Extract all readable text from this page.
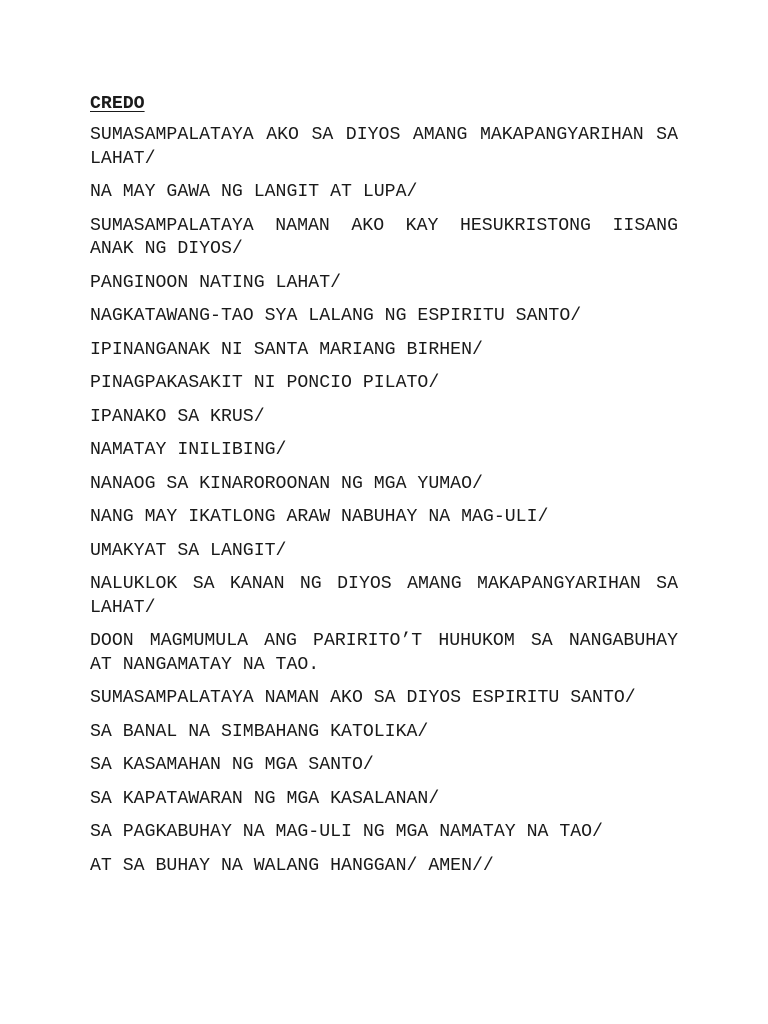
CREDO

SUMASAMPALATAYA AKO SA DIYOS AMANG MAKAPANGYARIHAN SA LAHAT/

NA MAY GAWA NG LANGIT AT LUPA/

SUMASAMPALATAYA NAMAN AKO KAY HESUKRISTONG IISANG ANAK NG DIYOS/

PANGINOON NATING LAHAT/

NAGKATAWANG-TAO SYA LALANG NG ESPIRITU SANTO/

IPINANGANAK NI SANTA MARIANG BIRHEN/

PINAGPAKASAKIT NI PONCIO PILATO/

IPANAKO SA KRUS/

NAMATAY INILIBING/

NANAOG SA KINAROROONAN NG MGA YUMAO/

NANG MAY IKATLONG ARAW NABUHAY NA MAG-ULI/

UMAKYAT SA LANGIT/

NALUKLOK SA KANAN NG DIYOS AMANG MAKAPANGYARIHAN SA LAHAT/

DOON MAGMUMULA ANG PARIRITO’T HUHUKOM SA NANGABUHAY AT NANGAMATAY NA TAO.

SUMASAMPALATAYA NAMAN AKO SA DIYOS ESPIRITU SANTO/

SA BANAL NA SIMBAHANG KATOLIKA/

SA KASAMAHAN NG MGA SANTO/

SA KAPATAWARAN NG MGA KASALANAN/

SA PAGKABUHAY NA MAG-ULI NG MGA NAMATAY NA TAO/

AT SA BUHAY NA WALANG HANGGAN/ AMEN//
